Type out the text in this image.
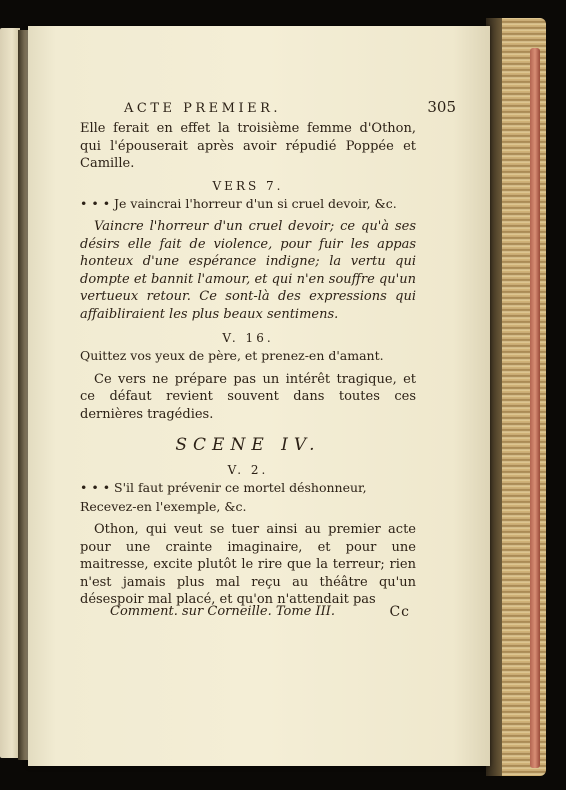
ACTE PREMIER.	305

Elle ferait en effet la troisième femme d'Othon, qui l'épouserait après avoir répudié Poppée et Camille.

VERS 7.

• • • Je vaincrai l'horreur d'un si cruel devoir, &c.

Vaincre l'horreur d'un cruel devoir; ce qu'à ses désirs elle fait de violence, pour fuir les appas honteux d'une espérance indigne; la vertu qui dompte et bannit l'amour, et qui n'en souffre qu'un vertueux retour. Ce sont-là des expressions qui affaibliraient les plus beaux sentimens.

V. 16.

Quittez vos yeux de père, et prenez-en d'amant.

Ce vers ne prépare pas un intérêt tragique, et ce défaut revient souvent dans toutes ces dernières tragédies.

SCENE IV.
V. 2.

• • • S'il faut prévenir ce mortel déshonneur,

Recevez-en l'exemple, &c.

Othon, qui veut se tuer ainsi au premier acte pour une crainte imaginaire, et pour une maitresse, excite plutôt le rire que la terreur; rien n'est jamais plus mal reçu au théâtre qu'un désespoir mal placé, et qu'on n'attendait pas

Comment. sur Corneille. Tome III.	Cc
